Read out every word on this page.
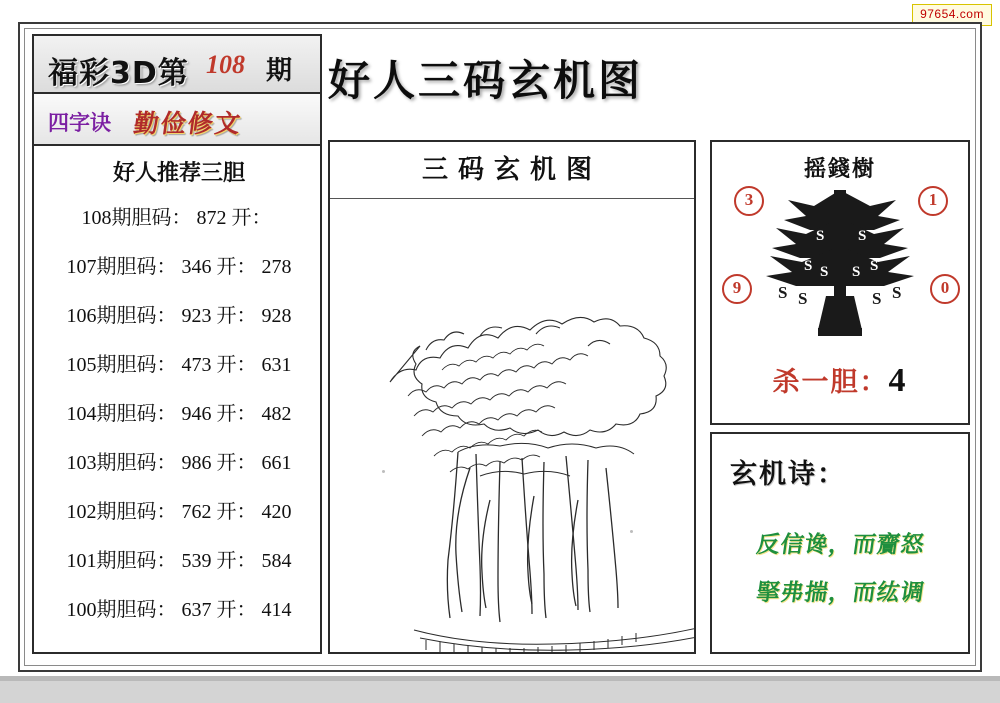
97654.com
福彩3D第 108 期
四字诀 勤俭修文
好人推荐三胆
108期胆码： 872 开：
107期胆码： 346 开： 278
106期胆码： 923 开： 928
105期胆码： 473 开： 631
104期胆码： 946 开： 482
103期胆码： 986 开： 661
102期胆码： 762 开： 420
101期胆码： 539 开： 584
100期胆码： 637 开： 414
好人三码玄机图
三码玄机图	摇錢樹
3	1
9	0
S S
S	S
S S
S S	S S
杀一胆：4
玄机诗：
反信谗，而齎怒
掔弗揣，而纮调
